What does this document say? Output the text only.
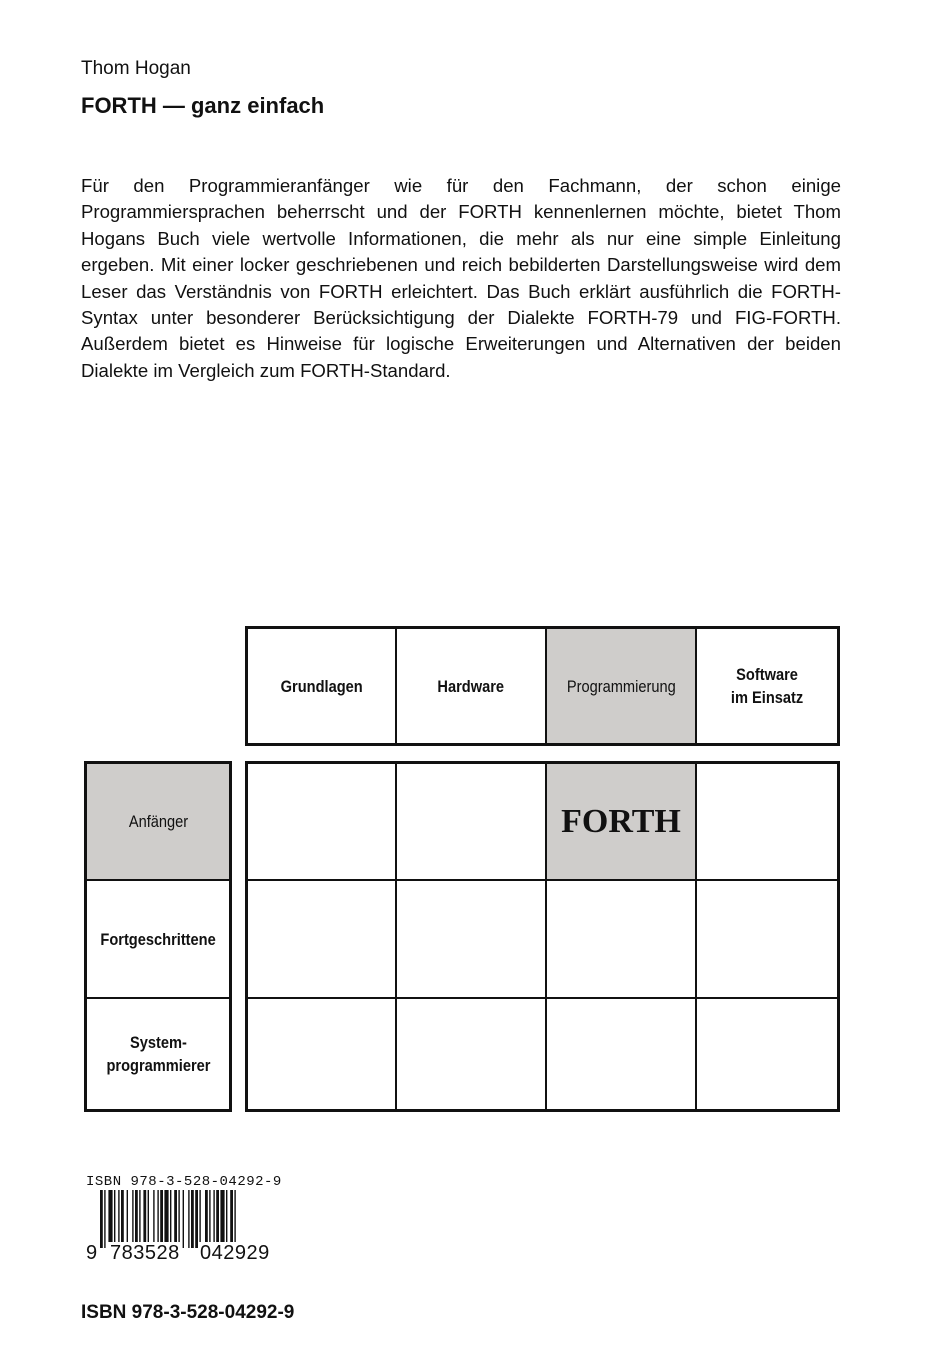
Thom Hogan
FORTH — ganz einfach

Für den Programmieranfänger wie für den Fachmann, der schon einige Programmiersprachen beherrscht und der FORTH kennenlernen möchte, bietet Thom Hogans Buch viele wertvolle Informationen, die mehr als nur eine simple Einleitung ergeben. Mit einer locker geschriebenen und reich bebilderten Darstellungsweise wird dem Leser das Verständnis von FORTH erleichtert. Das Buch erklärt ausführlich die FORTH-Syntax unter besonderer Berücksichtigung der Dialekte FORTH-79 und FIG-FORTH. Außerdem bietet es Hinweise für logische Erweiterungen und Alternativen der beiden Dialekte im Vergleich zum FORTH-Standard.

Grundlagen	Hardware	Programmierung
Software
im Einsatz
Anfänger
Fortgeschrittene
System-
programmierer
FORTH
ISBN 978-3-528-04292-9
9 783528 042929
ISBN 978-3-528-04292-9
